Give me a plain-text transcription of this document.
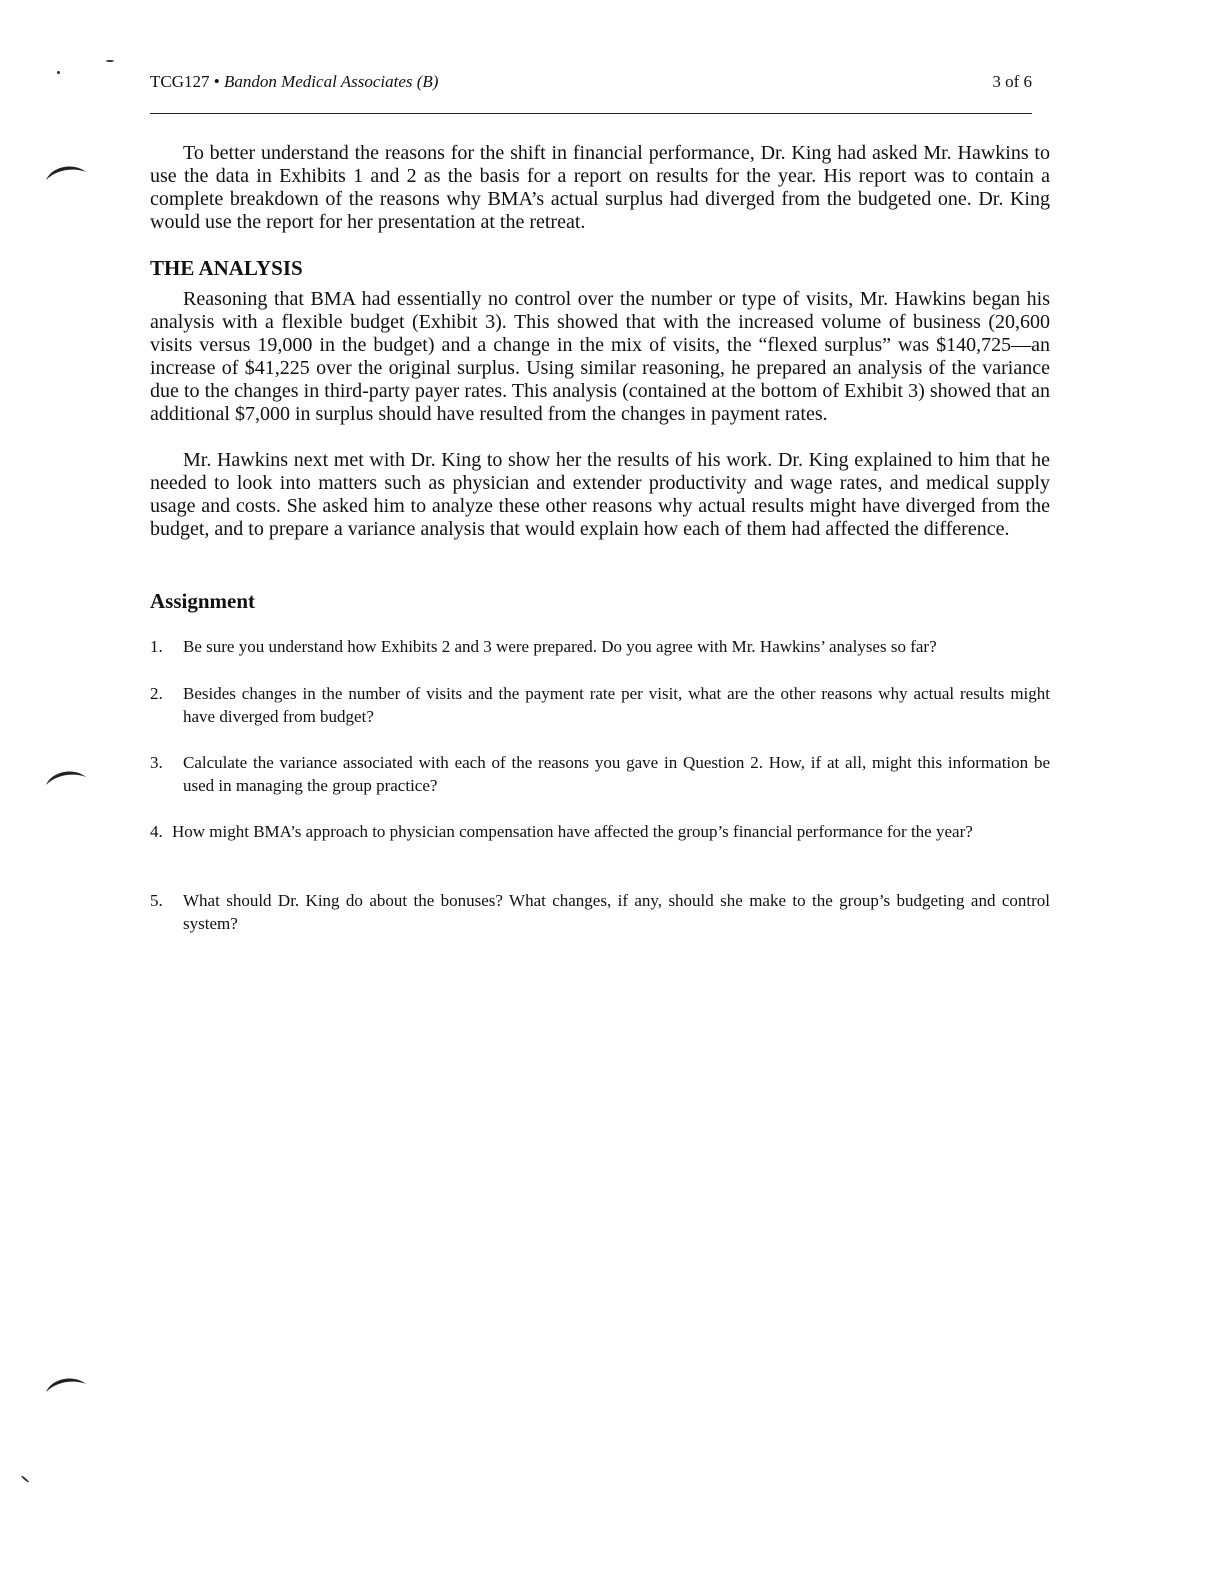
TCG127 • Bandon Medical Associates (B)	3 of 6

To better understand the reasons for the shift in financial performance, Dr. King had asked Mr. Hawkins to use the data in Exhibits 1 and 2 as the basis for a report on results for the year. His report was to contain a complete breakdown of the reasons why BMA’s actual surplus had diverged from the budgeted one. Dr. King would use the report for her presentation at the retreat.

THE ANALYSIS

Reasoning that BMA had essentially no control over the number or type of visits, Mr. Hawkins began his analysis with a flexible budget (Exhibit 3). This showed that with the increased volume of business (20,600 visits versus 19,000 in the budget) and a change in the mix of visits, the “flexed surplus” was $140,725—an increase of $41,225 over the original surplus. Using similar reasoning, he prepared an analysis of the variance due to the changes in third-party payer rates. This analysis (contained at the bottom of Exhibit 3) showed that an additional $7,000 in surplus should have resulted from the changes in payment rates.

Mr. Hawkins next met with Dr. King to show her the results of his work. Dr. King explained to him that he needed to look into matters such as physician and extender productivity and wage rates, and medical supply usage and costs. She asked him to analyze these other reasons why actual results might have diverged from the budget, and to prepare a variance analysis that would explain how each of them had affected the difference.

Assignment
1.	Be sure you understand how Exhibits 2 and 3 were prepared. Do you agree with Mr. Hawkins’ analyses so far?
2.	Besides changes in the number of visits and the payment rate per visit, what are the other reasons why actual results might have diverged from budget?
3.	Calculate the variance associated with each of the reasons you gave in Question 2. How, if at all, might this information be used in managing the group practice?
4. How might BMA’s approach to physician compensation have affected the group’s financial performance for the year?
5.	What should Dr. King do about the bonuses? What changes, if any, should she make to the group’s budgeting and control system?
